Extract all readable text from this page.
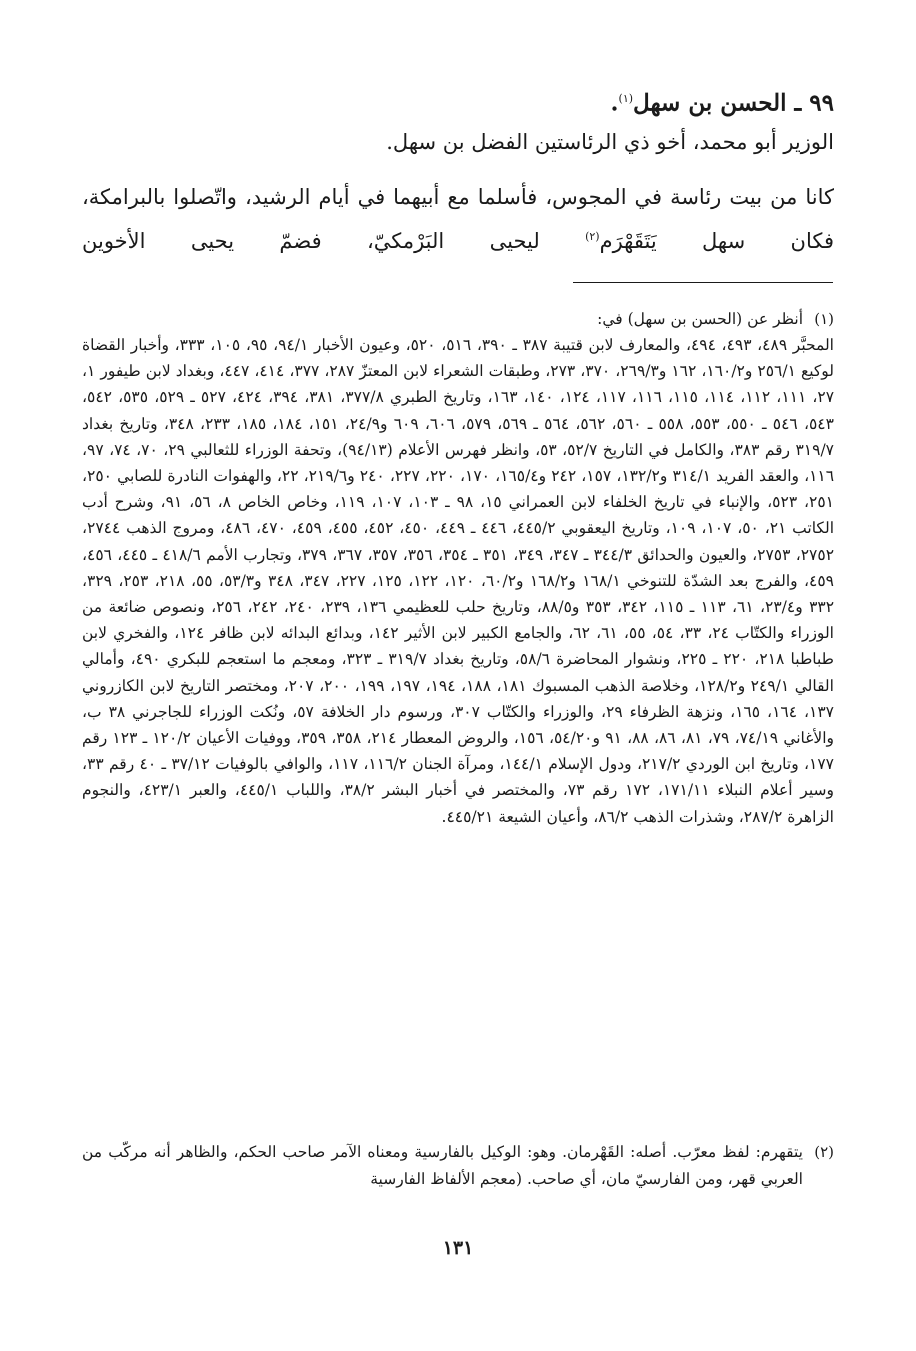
٩٩ ـ الحسن بن سهل$^{(١)}$.
الوزير أبو محمد، أخو ذي الرئاستين الفضل بن سهل.
كانا من بيت رئاسة في المجوس، فأسلما مع أبيهما في أيام الرشيد، واتّصلوا بالبرامكة، فكان سهل يَتَقَهْرَم$^{(٢)}$ ليحيى البَرْمكيّ، فضمّ يحيى الأخوين
(١)
أنظر عن (الحسن بن سهل) في:
المحبَّر ٤٨٩، ٤٩٣، ٤٩٤، والمعارف لابن قتيبة ٣٨٧ ـ ٣٩٠، ٥١٦، ٥٢٠، وعيون الأخبار ٩٤/١، ٩٥، ١٠٥، ٣٣٣، وأخبار القضاة لوكيع ٢٥٦/١ و١٦٠/٢، ١٦٢ و٢٦٩/٣، ٣٧٠، ٢٧٣، وطبقات الشعراء لابن المعتزّ ٢٨٧، ٣٧٧، ٤١٤، ٤٤٧، وبغداد لابن طيفور ١، ٢٧، ١١١، ١١٢، ١١٤، ١١٥، ١١٦، ١١٧، ١٢٤، ١٤٠، ١٦٣، وتاريخ الطبري ٣٧٧/٨، ٣٨١، ٣٩٤، ٤٢٤، ٥٢٧ ـ ٥٢٩، ٥٣٥، ٥٤٢، ٥٤٣، ٥٤٦ ـ ٥٥٠، ٥٥٣، ٥٥٨ ـ ٥٦٠، ٥٦٢، ٥٦٤ ـ ٥٦٩، ٥٧٩، ٦٠٦، ٦٠٩ و٢٤/٩، ١٥١، ١٨٤، ١٨٥، ٢٣٣، ٣٤٨، وتاريخ بغداد ٣١٩/٧ رقم ٣٨٣، والكامل في التاريخ ٥٢/٧، ٥٣، وانظر فهرس الأعلام (٩٤/١٣)، وتحفة الوزراء للثعالبي ٢٩، ٧٠، ٧٤، ٩٧، ١١٦، والعقد الفريد ٣١٤/١ و١٣٢/٢، ١٥٧، ٢٤٢ و١٦٥/٤، ١٧٠، ٢٢٠، ٢٢٧، ٢٤٠ و٢١٩/٦، ٢٢، والهفوات النادرة للصابي ٢٥٠، ٢٥١، ٥٢٣، والإنباء في تاريخ الخلفاء لابن العمراني ١٥، ٩٨ ـ ١٠٣، ١٠٧، ١١٩، وخاص الخاص ٨، ٥٦، ٩١، وشرح أدب الكاتب ٢١، ٥٠، ١٠٧، ١٠٩، وتاريخ اليعقوبي ٤٤٥/٢، ٤٤٦ ـ ٤٤٩، ٤٥٠، ٤٥٢، ٤٥٥، ٤٥٩، ٤٧٠، ٤٨٦، ومروج الذهب ٢٧٤٤، ٢٧٥٢، ٢٧٥٣، والعيون والحدائق ٣٤٤/٣ ـ ٣٤٧، ٣٤٩، ٣٥١ ـ ٣٥٤، ٣٥٦، ٣٥٧، ٣٦٧، ٣٧٩، وتجارب الأمم ٤١٨/٦ ـ ٤٤٥، ٤٥٦، ٤٥٩، والفرج بعد الشدّة للتنوخي ١٦٨/١ و١٦٨/٢ و٦٠/٢، ١٢٠، ١٢٢، ١٢٥، ٢٢٧، ٣٤٧، ٣٤٨ و٥٣/٣، ٥٥، ٢١٨، ٢٥٣، ٣٢٩، ٣٣٢ و٢٣/٤، ٦١، ١١٣ ـ ١١٥، ٣٤٢، ٣٥٣ و٨٨/٥، وتاريخ حلب للعظيمي ١٣٦، ٢٣٩، ٢٤٠، ٢٤٢، ٢٥٦، ونصوص ضائعة من الوزراء والكتّاب ٢٤، ٣٣، ٥٤، ٥٥، ٦١، ٦٢، والجامع الكبير لابن الأثير ١٤٢، وبدائع البدائه لابن ظافر ١٢٤، والفخري لابن طباطبا ٢١٨، ٢٢٠ ـ ٢٢٥، ونشوار المحاضرة ٥٨/٦، وتاريخ بغداد ٣١٩/٧ ـ ٣٢٣، ومعجم ما استعجم للبكري ٤٩٠، وأمالي القالي ٢٤٩/١ و١٢٨/٢، وخلاصة الذهب المسبوك ١٨١، ١٨٨، ١٩٤، ١٩٧، ١٩٩، ٢٠٠، ٢٠٧، ومختصر التاريخ لابن الكازروني ١٣٧، ١٦٤، ١٦٥، ونزهة الظرفاء ٢٩، والوزراء والكتّاب ٣٠٧، ورسوم دار الخلافة ٥٧، ونُكت الوزراء للجاجرني ٣٨ ب، والأغاني ٧٤/١٩، ٧٩، ٨١، ٨٦، ٨٨، ٩١ و٥٤/٢٠، ١٥٦، والروض المعطار ٢١٤، ٣٥٨، ٣٥٩، ووفيات الأعيان ١٢٠/٢ ـ ١٢٣ رقم ١٧٧، وتاريخ ابن الوردي ٢١٧/٢، ودول الإسلام ١٤٤/١، ومرآة الجنان ١١٦/٢، ١١٧، والوافي بالوفيات ٣٧/١٢ ـ ٤٠ رقم ٣٣، وسير أعلام النبلاء ١٧١/١١، ١٧٢ رقم ٧٣، والمختصر في أخبار البشر ٣٨/٢، واللباب ٤٤٥/١، والعبر ٤٢٣/١، والنجوم الزاهرة ٢٨٧/٢، وشذرات الذهب ٨٦/٢، وأعيان الشيعة ٤٤٥/٢١.
(٢)
يتقهرم: لفظ معرّب. أصله: القَهْرمان. وهو: الوكيل بالفارسية ومعناه الآمر صاحب الحكم، والظاهر أنه مركّب من العربي قهر، ومن الفارسيّ مان، أي صاحب. (معجم الألفاظ الفارسية
١٣١
